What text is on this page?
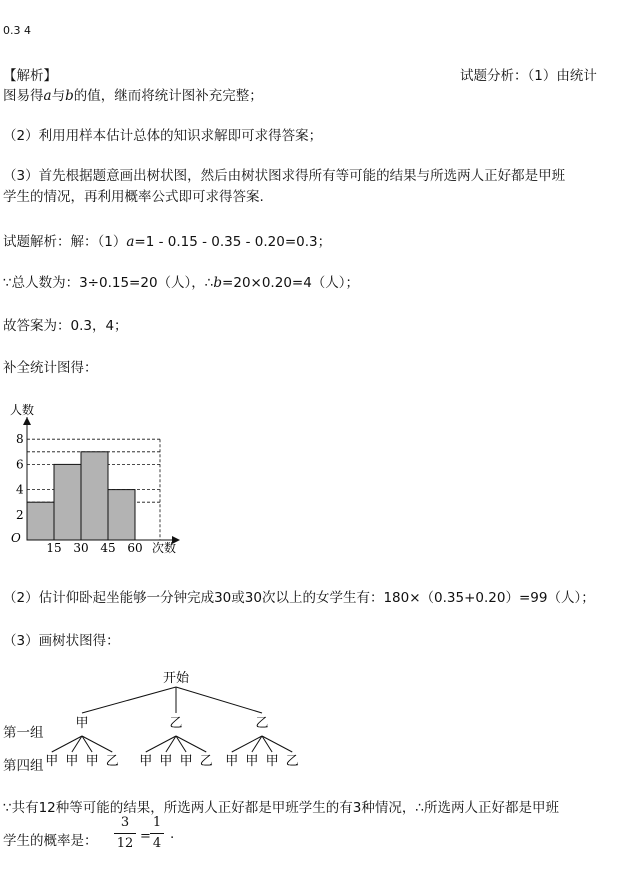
0.3 4
【解析】	试题分析：（1）由统计
图易得a与b的值，继而将统计图补充完整；
（2）利用用样本估计总体的知识求解即可求得答案；
（3）首先根据题意画出树状图，然后由树状图求得所有等可能的结果与所选两人正好都是甲班
学生的情况，再利用概率公式即可求得答案.
试题解析：解：（1）a=1 - 0.15 - 0.35 - 0.20=0.3；
∵总人数为：3÷0.15=20（人），∴b=20×0.20=4（人）；
故答案为：0.3，4；
补全统计图得：
2
4
6
8
15 30 45 60
人数
次数
O
（2）估计仰卧起坐能够一分钟完成30或30次以上的女学生有：180×（0.35+0.20）=99（人）；
（3）画树状图得：
开始
甲
甲 甲 甲 乙
乙
甲 甲 甲 乙
乙
甲 甲 甲 乙
第一组
第四组
∵共有12种等可能的结果，所选两人正好都是甲班学生的有3种情况，∴所选两人正好都是甲班
学生的概率是：
3
12 =
1
4
.
